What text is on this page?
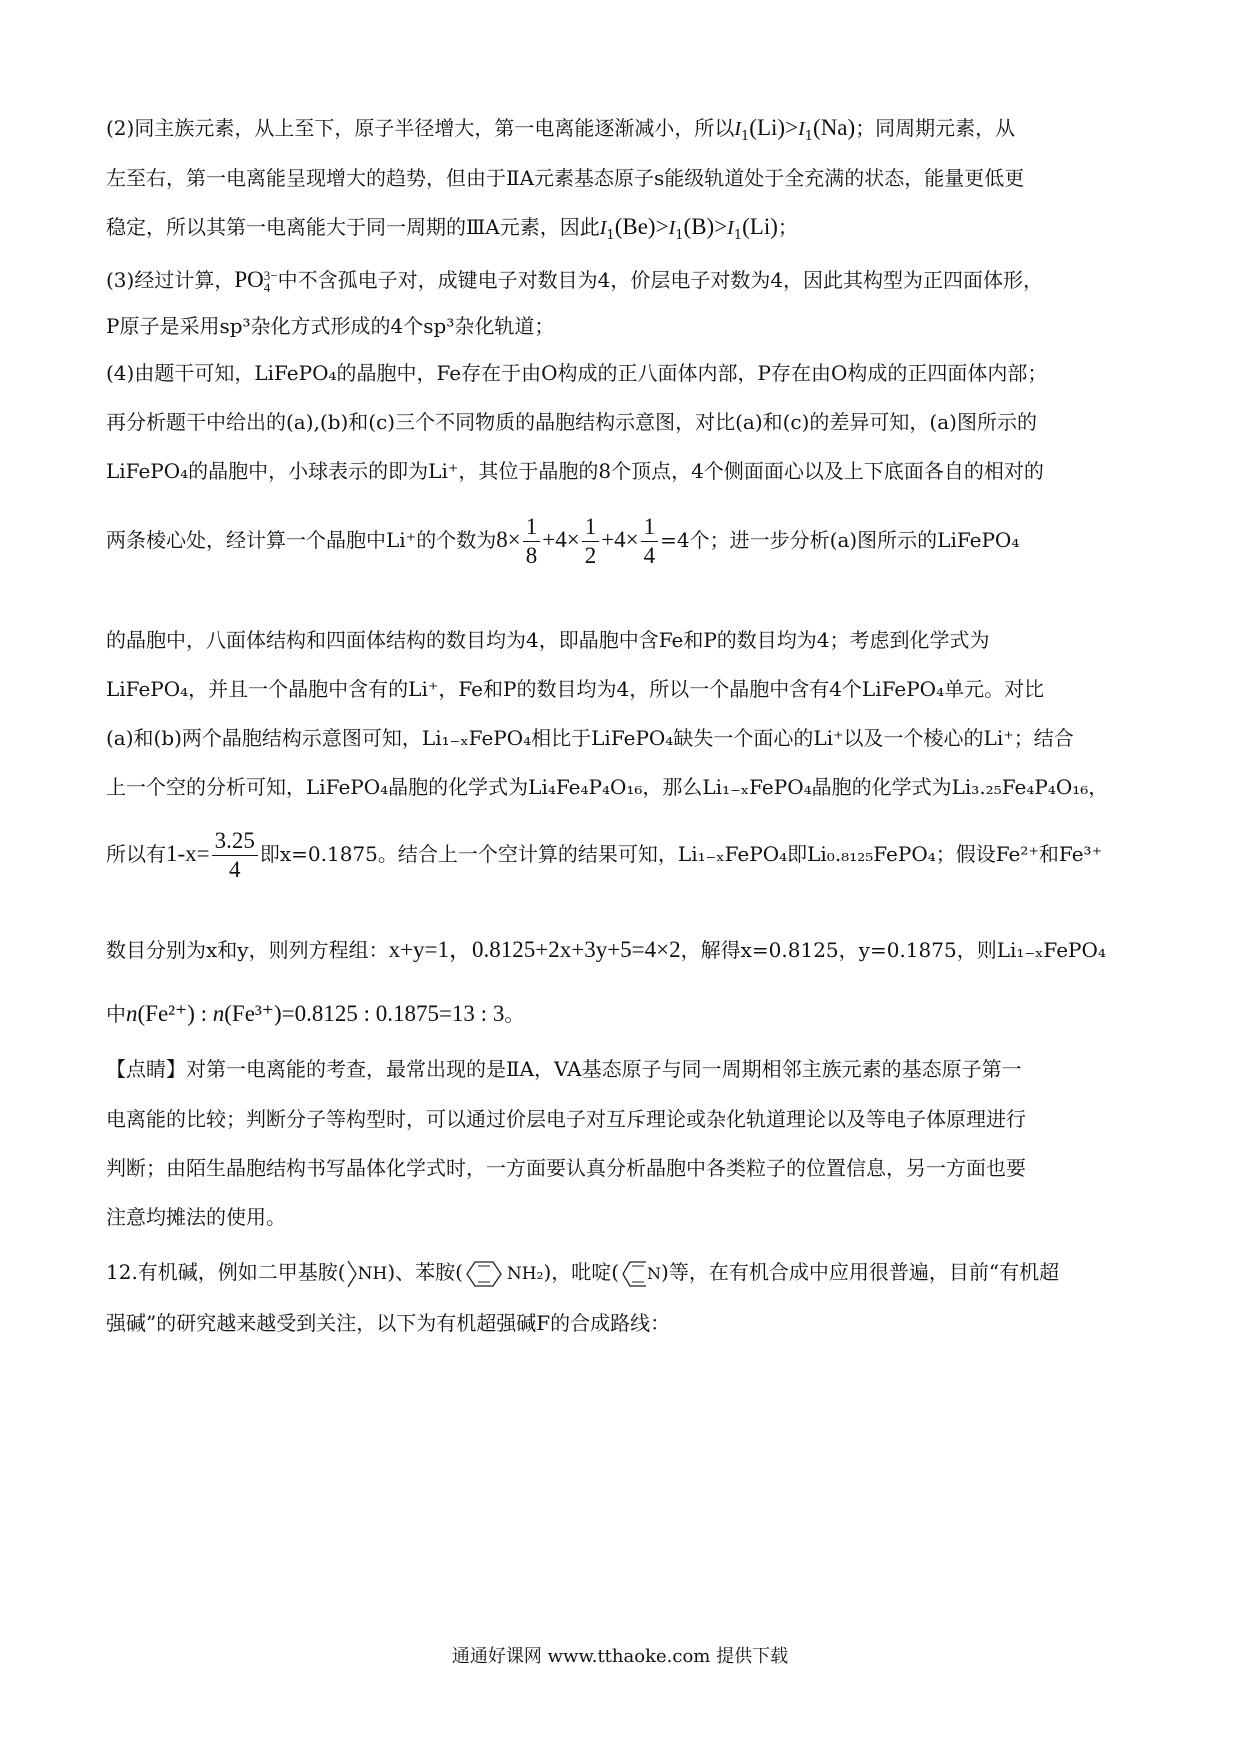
(2)同主族元素，从上至下，原子半径增大，第一电离能逐渐减小，所以$I_1(Li)>I_1(Na)$；同周期元素，从
左至右，第一电离能呈现增大的趋势，但由于ⅡA元素基态原子s能级轨道处于全充满的状态，能量更低更
稳定，所以其第一电离能大于同一周期的ⅢA元素，因此$I_1(Be)>I_1(B)>I_1(Li)$；
(3)经过计算，PO 3−
4 中不含孤电子对，成键电子对数目为4，价层电子对数为4，因此其构型为正四面体形，
P原子是采用sp³杂化方式形成的4个sp³杂化轨道；
(4)由题干可知，LiFePO₄的晶胞中，Fe存在于由O构成的正八面体内部，P存在由O构成的正四面体内部；
再分析题干中给出的(a),(b)和(c)三个不同物质的晶胞结构示意图，对比(a)和(c)的差异可知，(a)图所示的
LiFePO₄的晶胞中，小球表示的即为Li⁺，其位于晶胞的8个顶点，4个侧面面心以及上下底面各自的相对的
两条棱心处，经计算一个晶胞中Li⁺的个数为$8\times \frac{1}{8} +4\times \frac{1}{2} +4\times \frac{1}{4} =4$个；进一步分析(a)图所示的LiFePO₄
的晶胞中，八面体结构和四面体结构的数目均为4，即晶胞中含Fe和P的数目均为4；考虑到化学式为
LiFePO₄，并且一个晶胞中含有的Li⁺，Fe和P的数目均为4，所以一个晶胞中含有4个LiFePO₄单元。对比
(a)和(b)两个晶胞结构示意图可知，Li₁₋ₓFePO₄相比于LiFePO₄缺失一个面心的Li⁺以及一个棱心的Li⁺；结合
上一个空的分析可知，LiFePO₄晶胞的化学式为Li₄Fe₄P₄O₁₆，那么Li₁₋ₓFePO₄晶胞的化学式为Li₃.₂₅Fe₄P₄O₁₆，
所以有$1-x= \frac{3.25}{4}$ 即x=0.1875。结合上一个空计算的结果可知，Li₁₋ₓFePO₄即Li₀.₈₁₂₅FePO₄；假设Fe²⁺和Fe³⁺
数目分别为x和y，则列方程组：x+y=1，0.8125+2x+3y+5=4×2，解得x=0.8125，y=0.1875，则Li₁₋ₓFePO₄
中n(Fe²⁺) : n(Fe³⁺)=0.8125 : 0.1875=13 : 3。
【点睛】对第一电离能的考查，最常出现的是ⅡA，VA基态原子与同一周期相邻主族元素的基态原子第一
电离能的比较；判断分子等构型时，可以通过价层电子对互斥理论或杂化轨道理论以及等电子体原理进行
判断；由陌生晶胞结构书写晶体化学式时，一方面要认真分析晶胞中各类粒子的位置信息，另一方面也要
注意均摊法的使用。
12.有机碱，例如二甲基胺( NH)、苯胺(	NH₂)，吡啶( N)等，在有机合成中应用很普遍，目前“有机超
强碱”的研究越来越受到关注，以下为有机超强碱F的合成路线：
通通好课网 www.tthaoke.com 提供下载
